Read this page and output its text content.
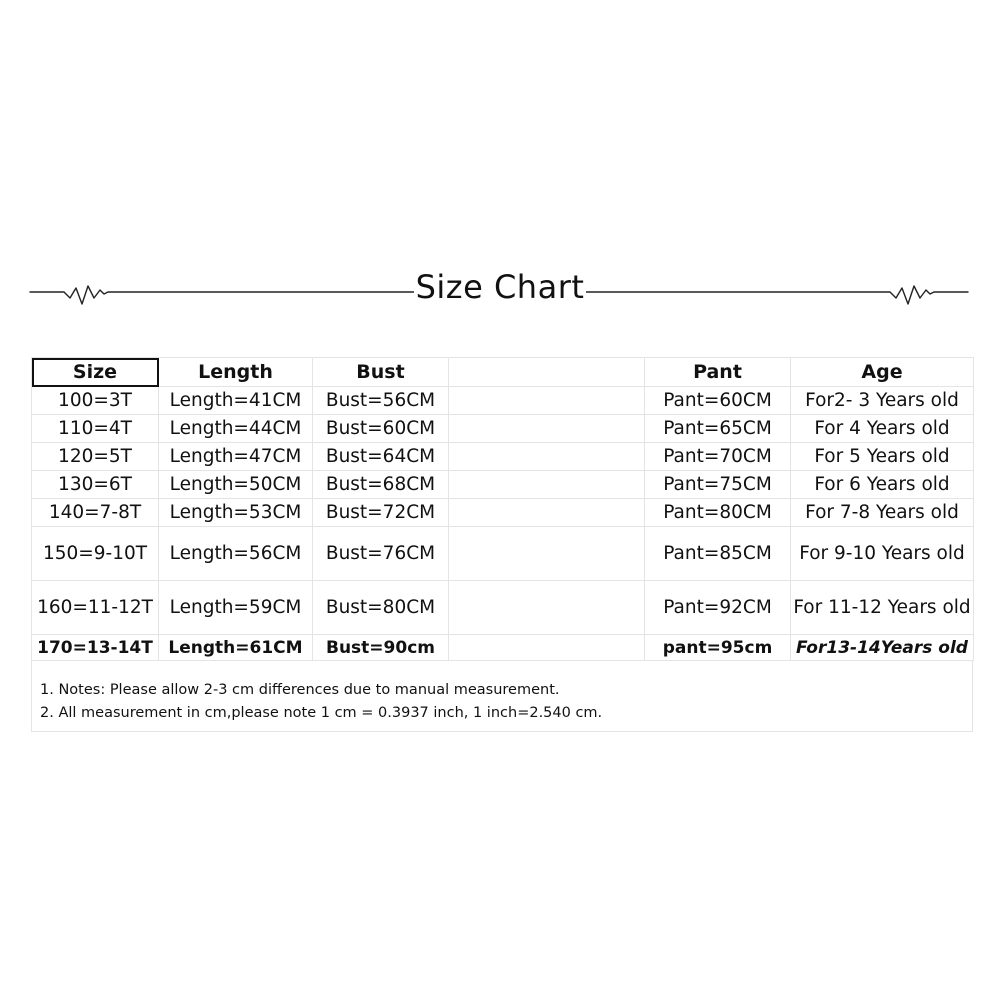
Size Chart
Size	Length	Bust		Pant	Age
100=3T	Length=41CM	Bust=56CM		Pant=60CM	For2- 3 Years old
110=4T	Length=44CM	Bust=60CM		Pant=65CM	For 4 Years old
120=5T	Length=47CM	Bust=64CM		Pant=70CM	For 5 Years old
130=6T	Length=50CM	Bust=68CM		Pant=75CM	For 6 Years old
140=7-8T	Length=53CM	Bust=72CM		Pant=80CM	For 7-8 Years old
150=9-10T	Length=56CM	Bust=76CM		Pant=85CM	For 9-10 Years old
160=11-12T	Length=59CM	Bust=80CM		Pant=92CM	For 11-12 Years old
170=13-14T	Length=61CM	Bust=90cm		pant=95cm	For13-14Years old
1. Notes: Please allow 2-3 cm differences due to manual measurement.
2. All measurement in cm,please note 1 cm = 0.3937 inch, 1 inch=2.540 cm.
